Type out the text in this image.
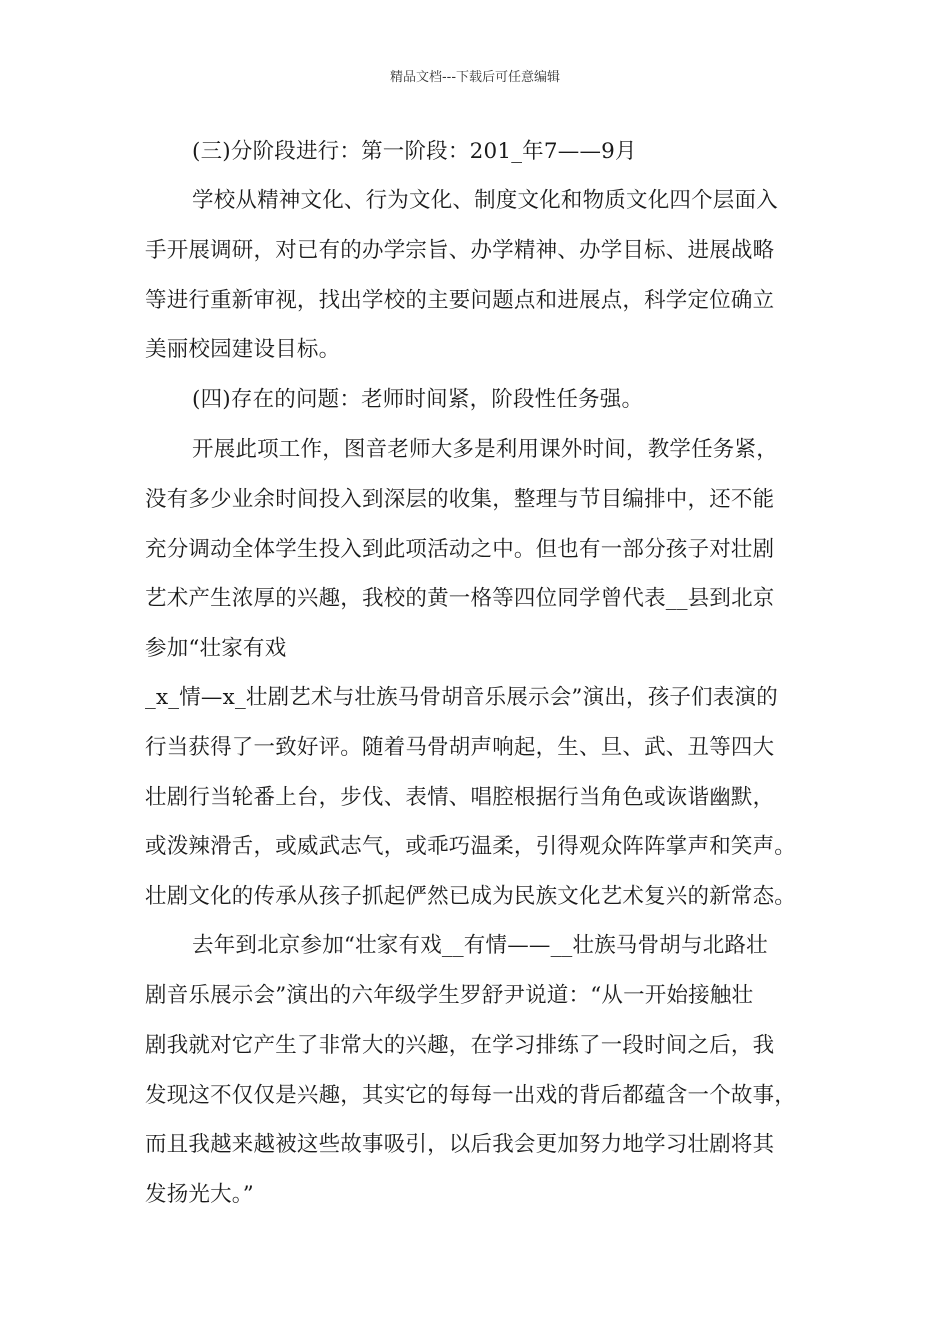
精品文档---下载后可任意编辑
(三)分阶段进行：第一阶段：201_年7——9月
学校从精神文化、行为文化、制度文化和物质文化四个层面入
手开展调研，对已有的办学宗旨、办学精神、办学目标、进展战略
等进行重新审视，找出学校的主要问题点和进展点，科学定位确立
美丽校园建设目标。
(四)存在的问题：老师时间紧，阶段性任务强。
开展此项工作，图音老师大多是利用课外时间，教学任务紧，
没有多少业余时间投入到深层的收集，整理与节目编排中，还不能
充分调动全体学生投入到此项活动之中。但也有一部分孩子对壮剧
艺术产生浓厚的兴趣，我校的黄一格等四位同学曾代表__县到北京
参加“壮家有戏
_x_情—x_壮剧艺术与壮族马骨胡音乐展示会”演出，孩子们表演的
行当获得了一致好评。随着马骨胡声响起，生、旦、武、丑等四大
壮剧行当轮番上台，步伐、表情、唱腔根据行当角色或诙谐幽默，
或泼辣滑舌，或威武志气，或乖巧温柔，引得观众阵阵掌声和笑声。
壮剧文化的传承从孩子抓起俨然已成为民族文化艺术复兴的新常态。
去年到北京参加“壮家有戏__有情——__壮族马骨胡与北路壮
剧音乐展示会”演出的六年级学生罗舒尹说道：“从一开始接触壮
剧我就对它产生了非常大的兴趣，在学习排练了一段时间之后，我
发现这不仅仅是兴趣，其实它的每每一出戏的背后都蕴含一个故事，
而且我越来越被这些故事吸引，以后我会更加努力地学习壮剧将其
发扬光大。”
